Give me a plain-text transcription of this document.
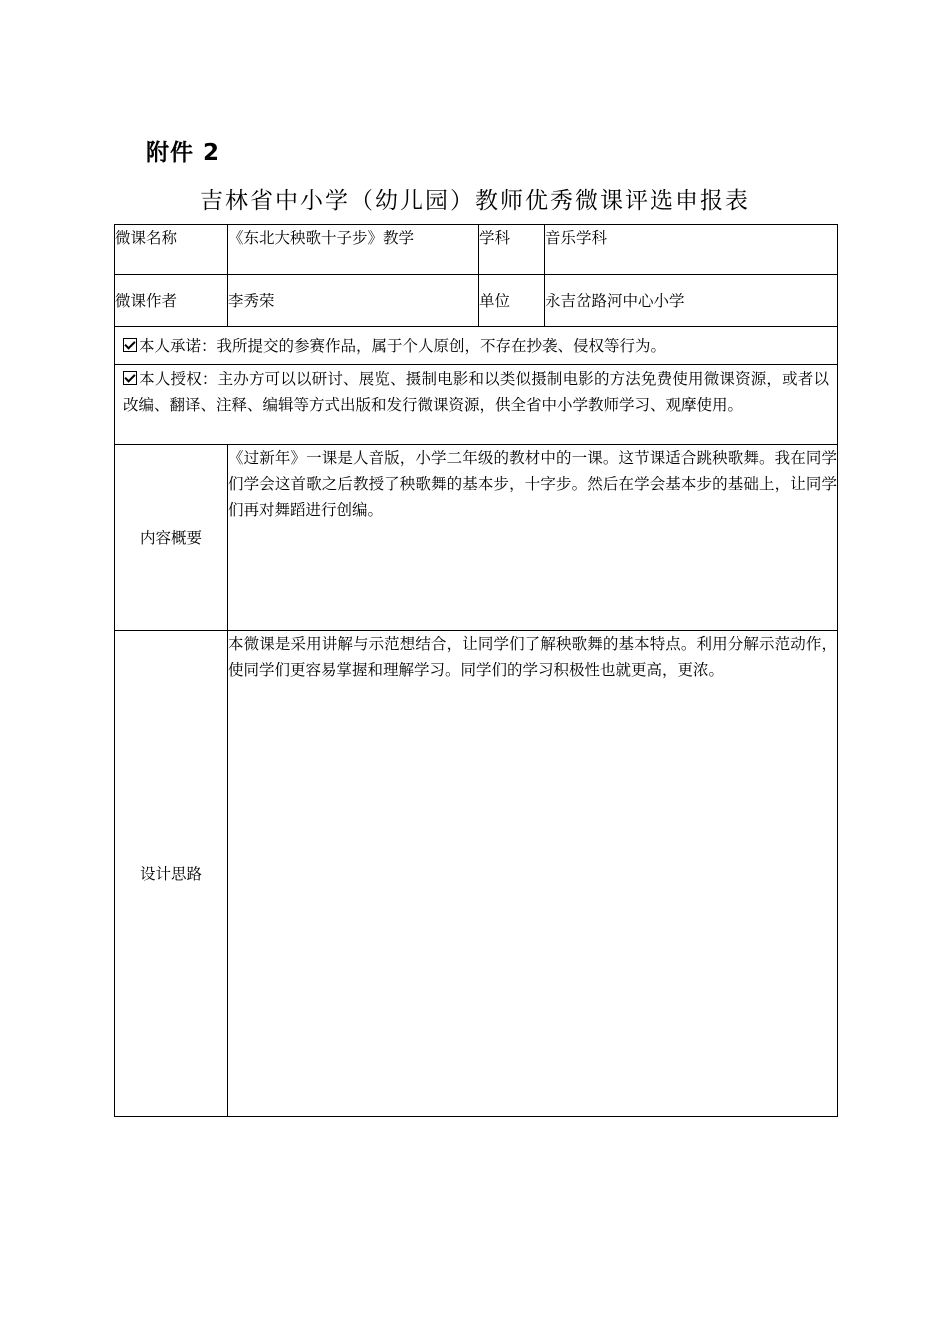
附件 2
吉林省中小学（幼儿园）教师优秀微课评选申报表
微课名称	《东北大秧歌十子步》教学	学科	音乐学科
微课作者	李秀荣	单位	永吉岔路河中心小学
本人承诺：我所提交的参赛作品，属于个人原创，不存在抄袭、侵权等行为。			
本人授权：主办方可以以研讨、展览、摄制电影和以类似摄制电影的方法免费使用微课资源，或者以改编、翻译、注释、编辑等方式出版和发行微课资源，供全省中小学教师学习、观摩使用。			
内容概要	《过新年》一课是人音版，小学二年级的教材中的一课。这节课适合跳秧歌舞。我在同学们学会这首歌之后教授了秧歌舞的基本步，十字步。然后在学会基本步的基础上，让同学们再对舞蹈进行创编。		
设计思路	本微课是采用讲解与示范想结合，让同学们了解秧歌舞的基本特点。利用分解示范动作，使同学们更容易掌握和理解学习。同学们的学习积极性也就更高，更浓。		
